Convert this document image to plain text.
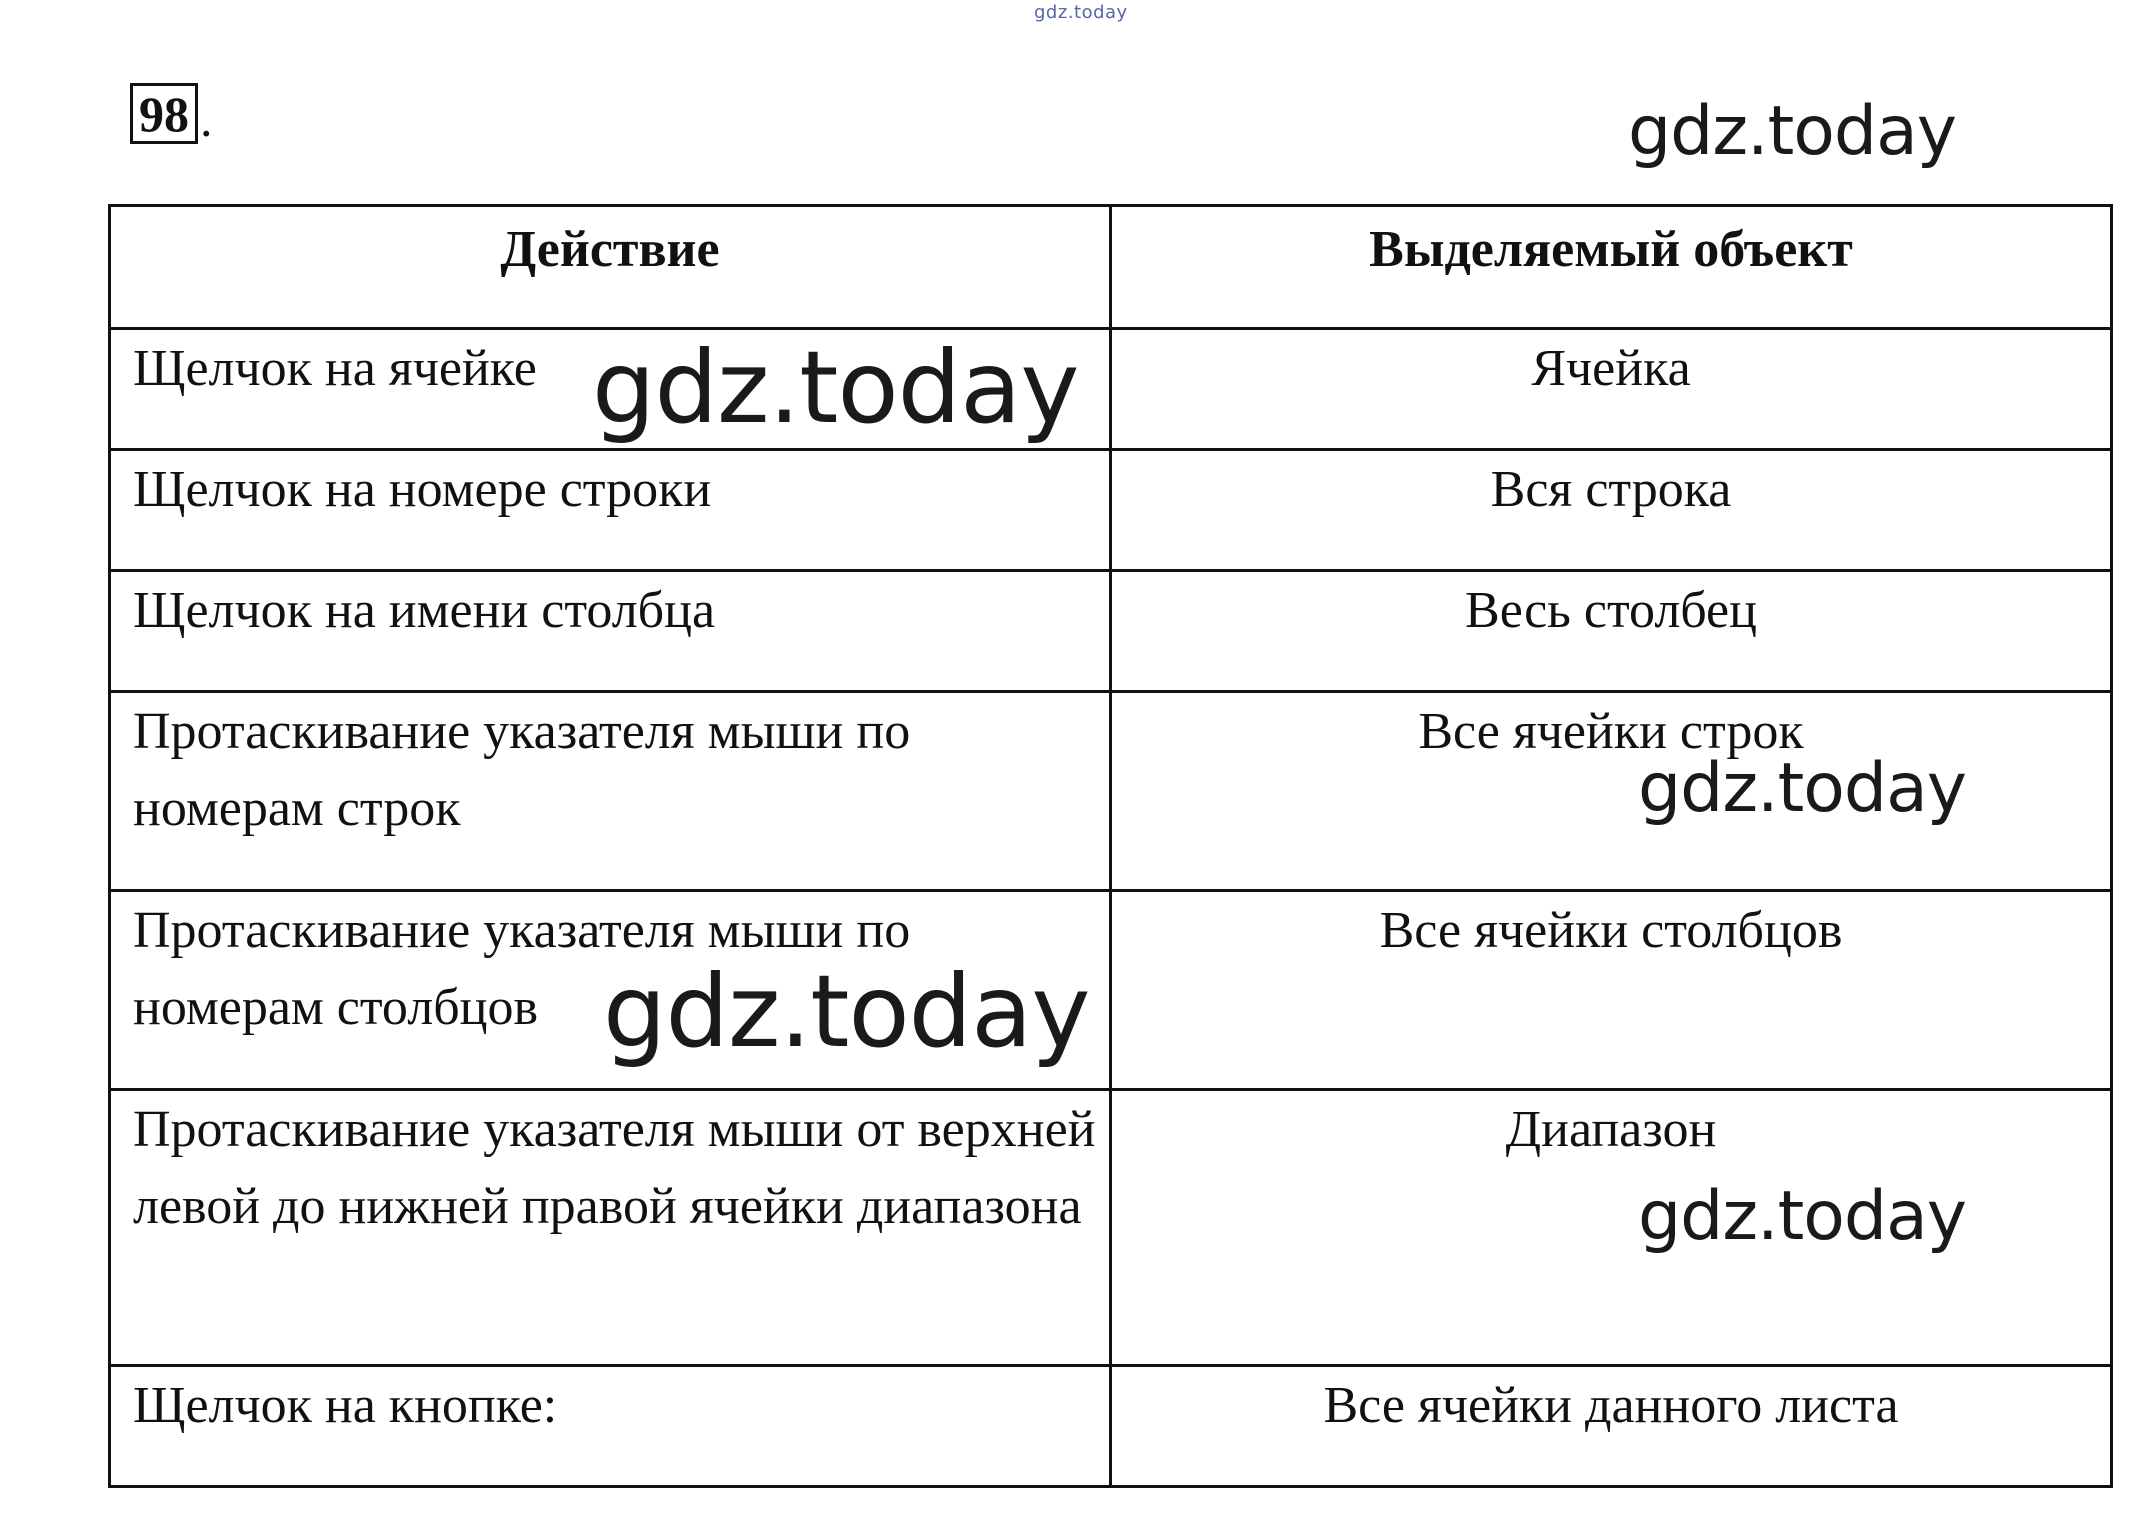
gdz.today
98 .	gdz.today
Действие	Выделяемый объект
Щелчок на ячейке	Ячейка
Щелчок на номере строки	Вся строка
Щелчок на имени столбца	Весь столбец
Протаскивание указателя мыши по номерам строк	Все ячейки строк
Протаскивание указателя мыши по номерам столбцов	Все ячейки столбцов
Протаскивание указателя мыши от верхней левой до нижней правой ячейки диапазона	Диапазон
Щелчок на кнопке:	Все ячейки данного листа
gdz.today
gdz.today
gdz.today
gdz.today
